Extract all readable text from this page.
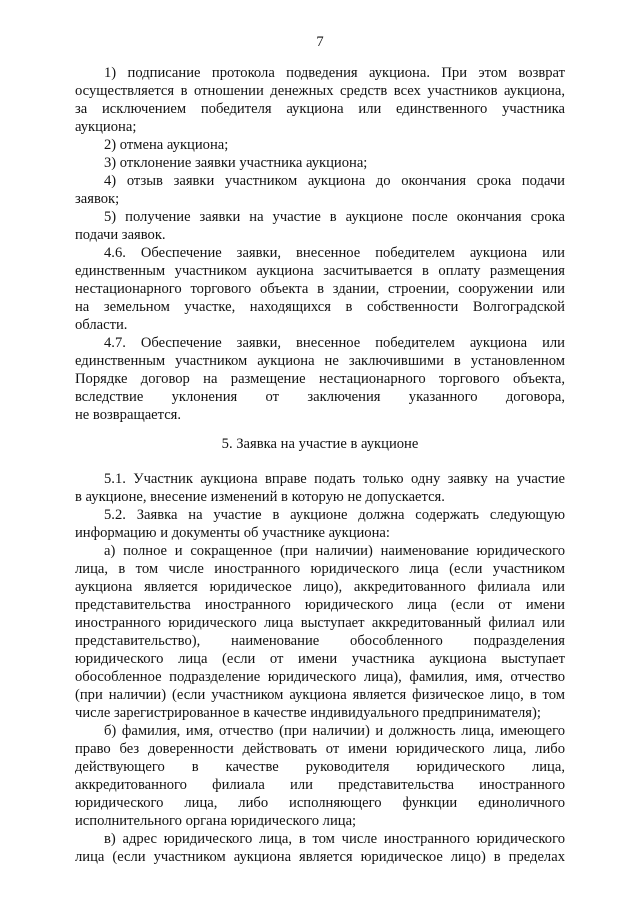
7
1) подписание протокола подведения аукциона. При этом возврат
осуществляется в отношении денежных средств всех участников аукциона,
за исключением победителя аукциона или единственного участника
аукциона;
2) отмена аукциона;
3) отклонение заявки участника аукциона;
4) отзыв заявки участником аукциона до окончания срока подачи
заявок;
5) получение заявки на участие в аукционе после окончания срока
подачи заявок.
4.6. Обеспечение заявки, внесенное победителем аукциона или
единственным участником аукциона засчитывается в оплату размещения
нестационарного торгового объекта в здании, строении, сооружении или
на земельном участке, находящихся в собственности Волгоградской
области.
4.7. Обеспечение заявки, внесенное победителем аукциона или
единственным участником аукциона не заключившими в установленном
Порядке договор на размещение нестационарного торгового объекта,
вследствие уклонения от заключения указанного договора,
не возвращается.
5. Заявка на участие в аукционе
5.1. Участник аукциона вправе подать только одну заявку на участие
в аукционе, внесение изменений в которую не допускается.
5.2. Заявка на участие в аукционе должна содержать следующую
информацию и документы об участнике аукциона:
а) полное и сокращенное (при наличии) наименование юридического
лица, в том числе иностранного юридического лица (если участником
аукциона является юридическое лицо), аккредитованного филиала или
представительства иностранного юридического лица (если от имени
иностранного юридического лица выступает аккредитованный филиал или
представительство), наименование обособленного подразделения
юридического лица (если от имени участника аукциона выступает
обособленное подразделение юридического лица), фамилия, имя, отчество
(при наличии) (если участником аукциона является физическое лицо, в том
числе зарегистрированное в качестве индивидуального предпринимателя);
б) фамилия, имя, отчество (при наличии) и должность лица, имеющего
право без доверенности действовать от имени юридического лица, либо
действующего в качестве руководителя юридического лица,
аккредитованного филиала или представительства иностранного
юридического лица, либо исполняющего функции единоличного
исполнительного органа юридического лица;
в) адрес юридического лица, в том числе иностранного юридического
лица (если участником аукциона является юридическое лицо) в пределах
